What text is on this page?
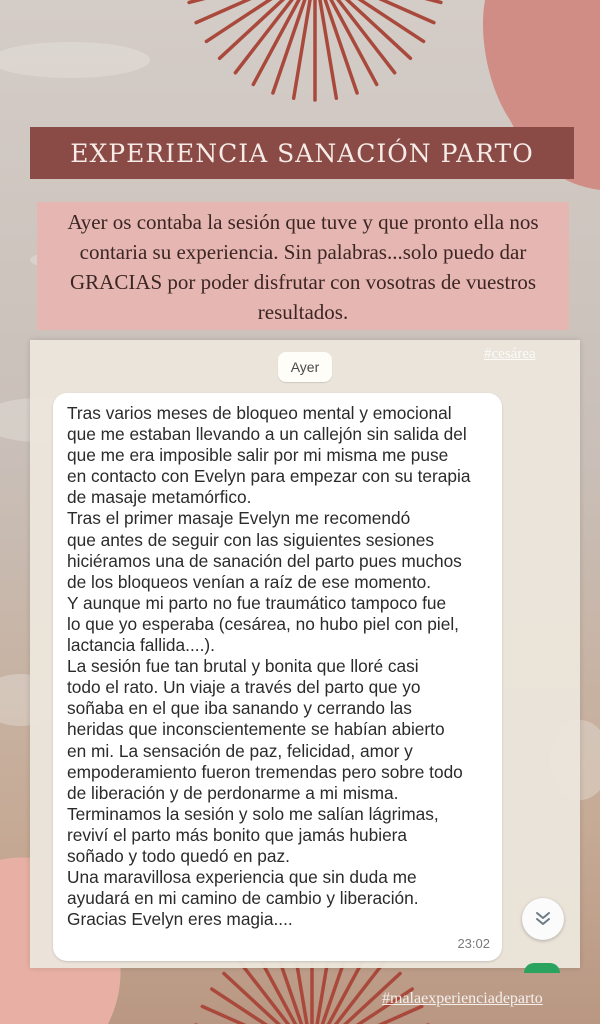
EXPERIENCIA SANACIÓN PARTO
Ayer os contaba la sesión que tuve y que pronto ella nos contaria su experiencia. Sin palabras...solo puedo dar GRACIAS por poder disfrutar con vosotras de vuestros resultados.
Ayer
#cesárea
Tras varios meses de bloqueo mental y emocional
que me estaban llevando a un callejón sin salida del
que me era imposible salir por mi misma me puse
en contacto con Evelyn para empezar con su terapia
de masaje metamórfico.
Tras el primer masaje Evelyn me recomendó
que antes de seguir con las siguientes sesiones
hiciéramos una de sanación del parto pues muchos
de los bloqueos venían a raíz de ese momento.
Y aunque mi parto no fue traumático tampoco fue
lo que yo esperaba (cesárea, no hubo piel con piel,
lactancia fallida....).
La sesión fue tan brutal y bonita que lloré casi
todo el rato. Un viaje a través del parto que yo
soñaba en el que iba sanando y cerrando las
heridas que inconscientemente se habían abierto
en mi. La sensación de paz, felicidad, amor y
empoderamiento fueron tremendas pero sobre todo
de liberación y de perdonarme a mi misma.
Terminamos la sesión y solo me salían lágrimas,
reviví el parto más bonito que jamás hubiera
soñado y todo quedó en paz.
Una maravillosa experiencia que sin duda me
ayudará en mi camino de cambio y liberación.
Gracias Evelyn eres magia....
23:02
#malaexperienciadeparto
